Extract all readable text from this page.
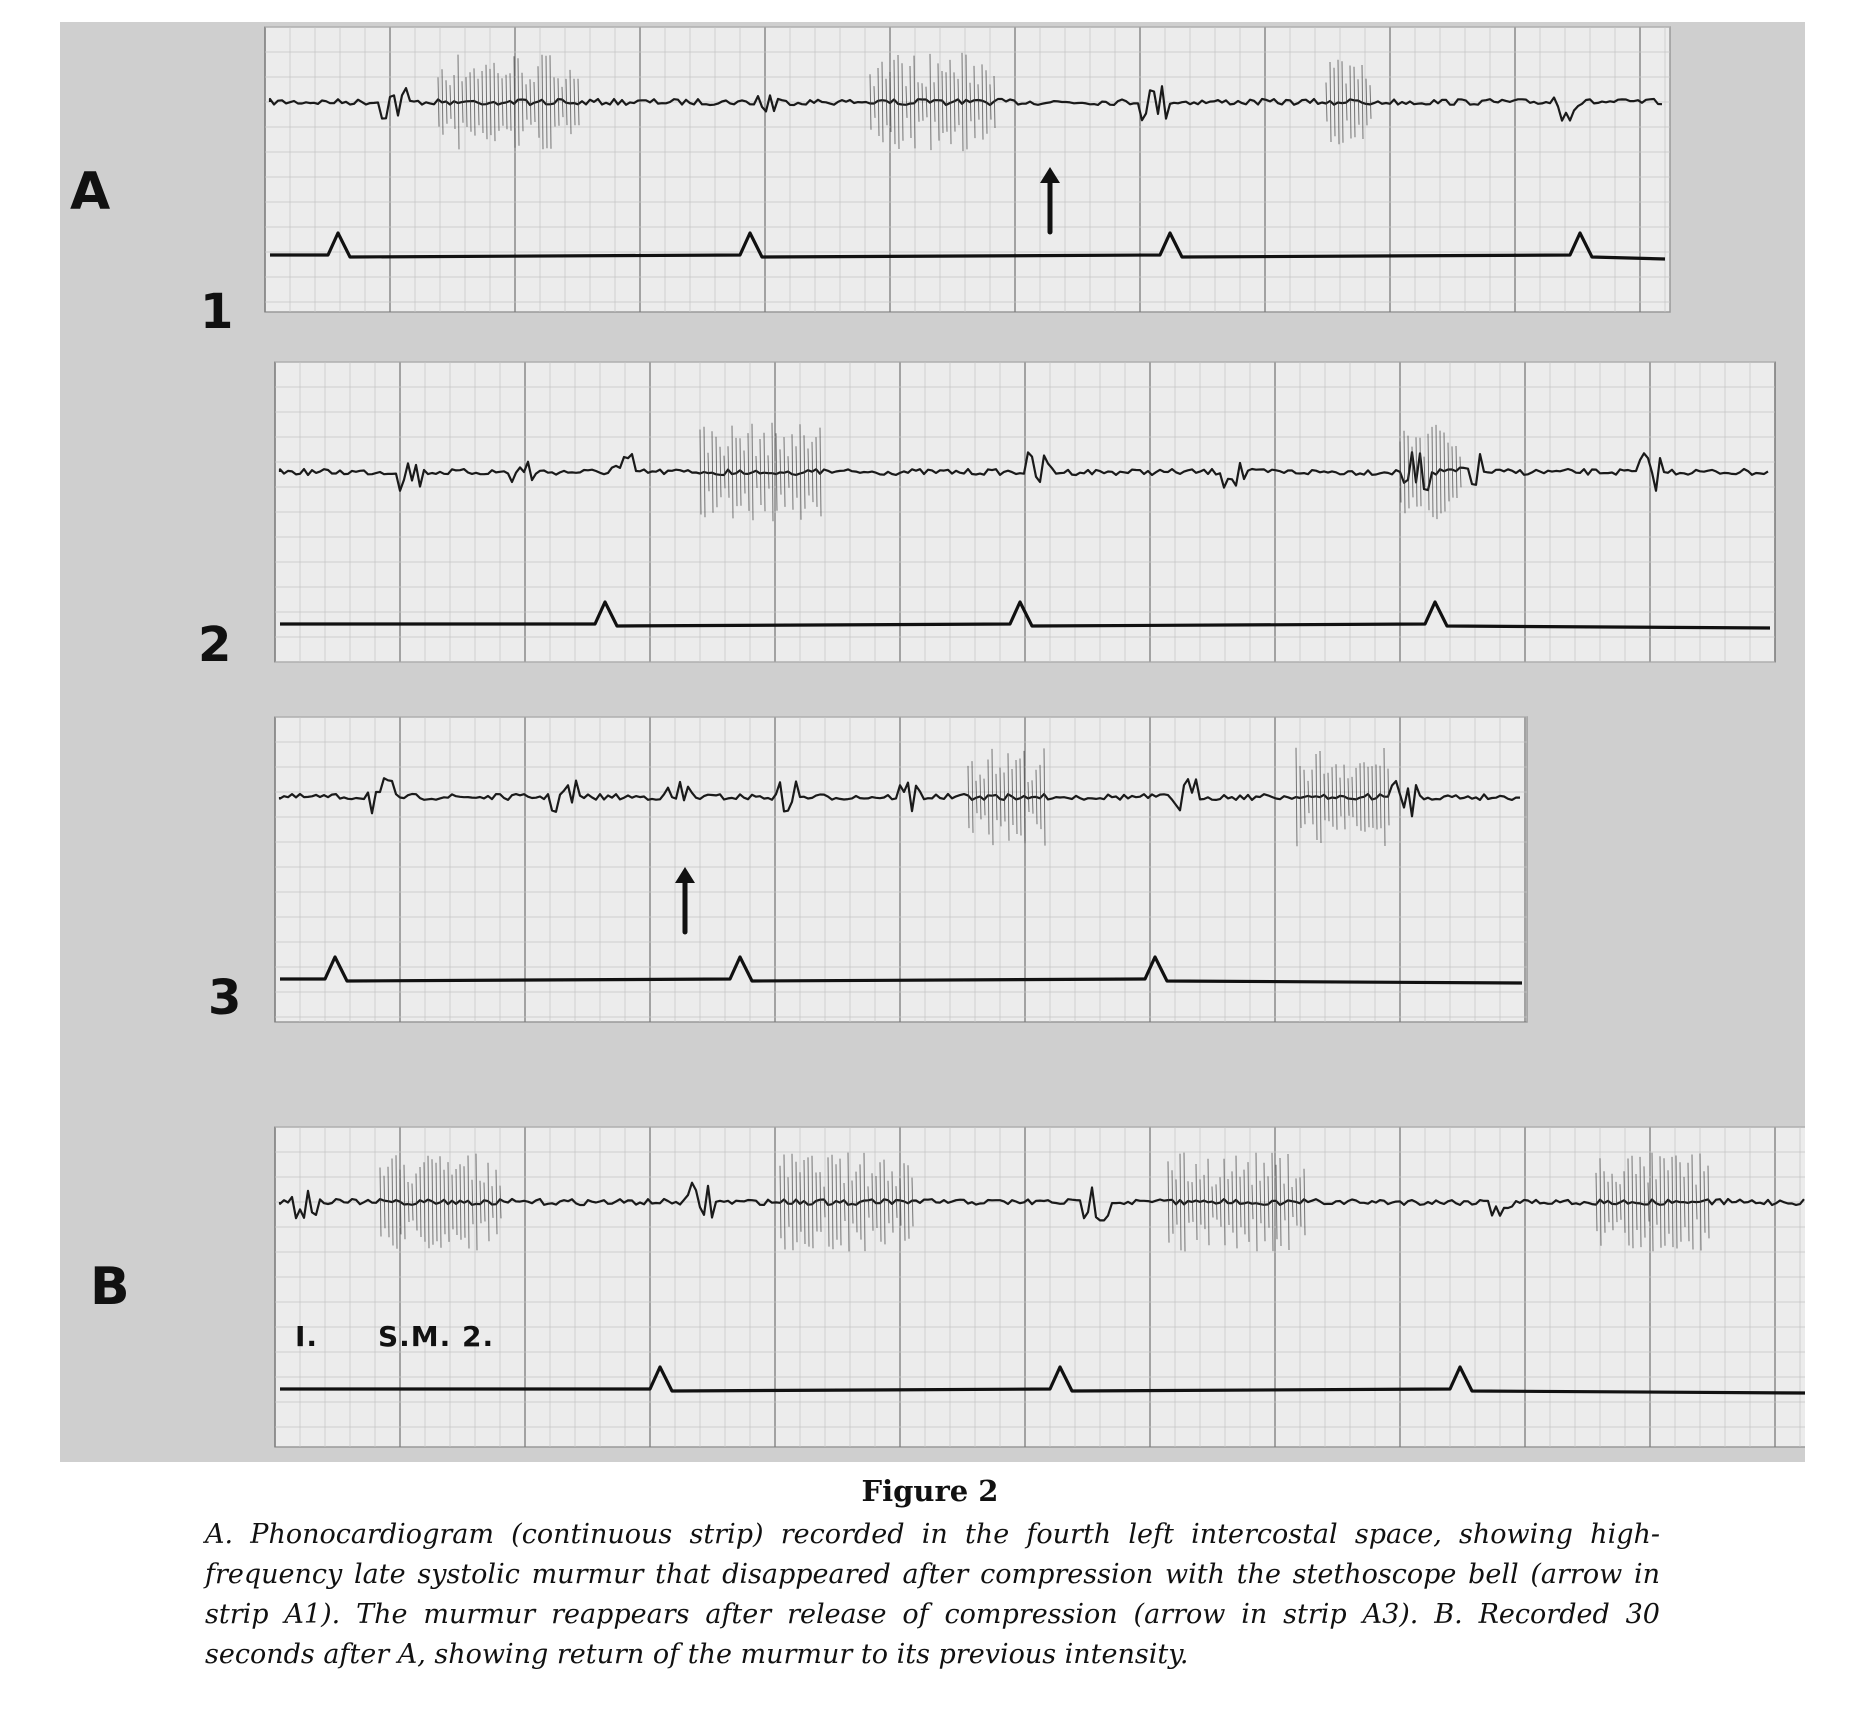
A
1
2
3
B
I. S.M. 2.
Figure 2

A. Phonocardiogram (continuous strip) recorded in the fourth left intercostal space, showing high-frequency late systolic murmur that disappeared after compression with the stethoscope bell (arrow in strip A1). The murmur reappears after release of compression (arrow in strip A3). B. Recorded 30 seconds after A, showing return of the murmur to its previous intensity.
